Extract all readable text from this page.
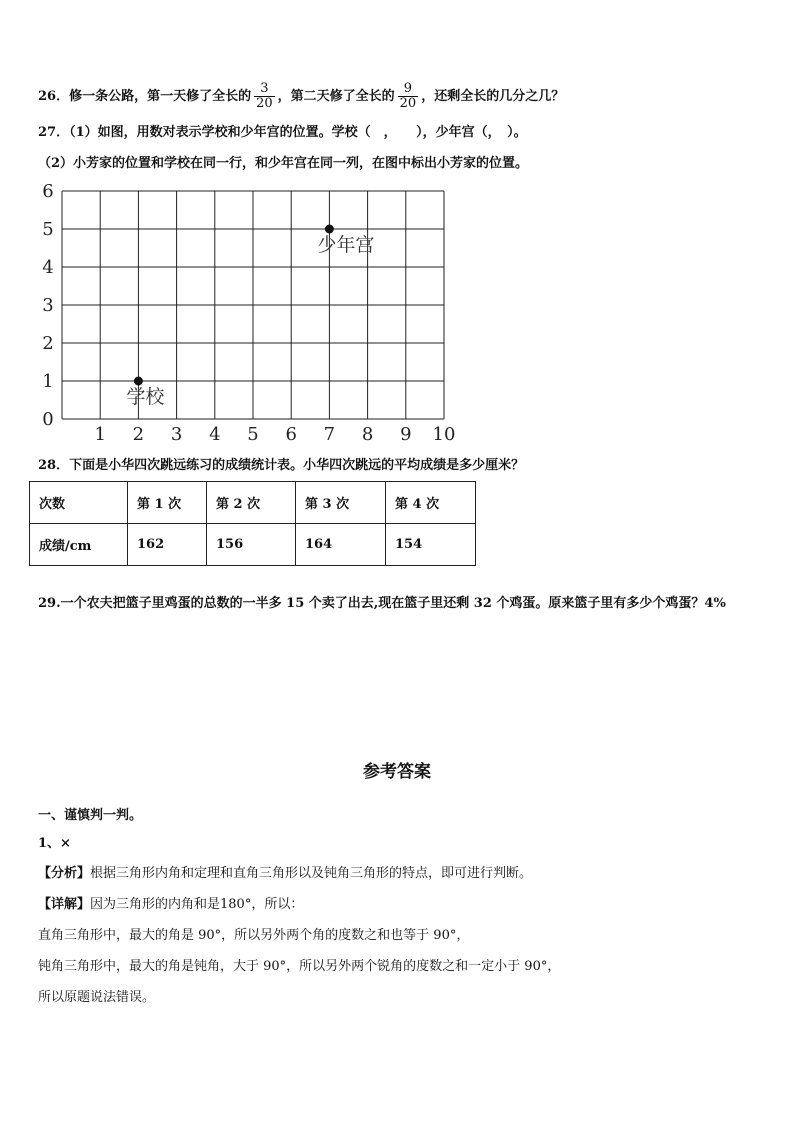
26．修一条公路，第一天修了全长的 $\frac{3}{20}$ ，第二天修了全长的 $\frac{9}{20}$ ，还剩全长的几分之几？
27．（1）如图，用数对表示学校和少年宫的位置。学校（　，　　），少年宫（，　）。
（2）小芳家的位置和学校在同一行，和少年宫在同一列，在图中标出小芳家的位置。
1 2 3 4 5 6 7 8 9 10
0
1
2
3
4
5
6
学校
少年宫
28．下面是小华四次跳远练习的成绩统计表。小华四次跳远的平均成绩是多少厘米？
次数	第 1 次	第 2 次	第 3 次	第 4 次
成绩/cm	162	156	164	154
29.一个农夫把篮子里鸡蛋的总数的一半多 15 个卖了出去,现在篮子里还剩 32 个鸡蛋。原来篮子里有多少个鸡蛋？4%
参考答案
一、谨慎判一判。
1、×
【分析】根据三角形内角和定理和直角三角形以及钝角三角形的特点，即可进行判断。
【详解】因为三角形的内角和是180°，所以：
直角三角形中，最大的角是 90°，所以另外两个角的度数之和也等于 90°，
钝角三角形中，最大的角是钝角，大于 90°，所以另外两个锐角的度数之和一定小于 90°，
所以原题说法错误。
